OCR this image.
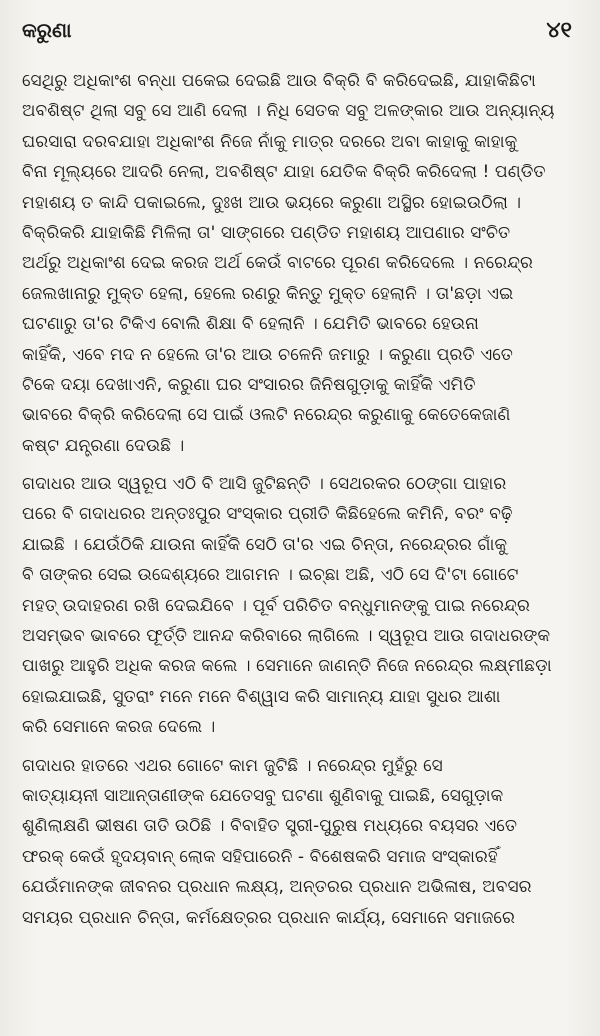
କରୁଣା	୪୧
ସେଥିରୁ ଅଧିକାଂଶ ବନ୍ଧା ପକେଇ ଦେଇଛି ଆଉ ବିକ୍ରି ବି କରିଦେଇଛି, ଯାହାକିଛିଟା
ଅବଶିଷ୍ଟ ଥିଲା ସବୁ ସେ ଆଣି ଦେଲା । ନିଧି ସେତକ ସବୁ ଅଳଙ୍କାର ଆଉ ଅନ୍ୟାନ୍ୟ
ଘରସାରା ଦରବଯାହା ଅଧିକାଂଶ ନିଜେ ନାଁକୁ ମାତ୍ର ଦରରେ ଅବା କାହାକୁ କାହାକୁ
ବିନା ମୂଲ୍ୟରେ ଆଦରି ନେଲା, ଅବଶିଷ୍ଟ ଯାହା ଯେତିକ ବିକ୍ରି କରିଦେଲା ! ପଣ୍ଡିତ
ମହାଶୟ ତ କାନ୍ଦି ପକାଇଲେ, ଦୁଃଖ ଆଉ ଭୟରେ କରୁଣା ଅସ୍ଥିର ହୋଇଉଠିଲା ।
ବିକ୍ରିକରି ଯାହାକିଛି ମିଳିଲା ତା' ସାଙ୍ଗରେ ପଣ୍ଡିତ ମହାଶୟ ଆପଣାର ସଂଚିତ
ଅର୍ଥରୁ ଅଧିକାଂଶ ଦେଇ କରଜ ଅର୍ଥ କେଉଁ ବାଟରେ ପୂରଣ କରିଦେଲେ । ନରେନ୍ଦ୍ର
ଜେଲଖାନାରୁ ମୁକ୍ତ ହେଲା, ହେଲେ ରଣରୁ କିନ୍ତୁ ମୁକ୍ତ ହେଲାନି । ତା'ଛଡ଼ା ଏଇ
ଘଟଣାରୁ ତା'ର ଟିକିଏ ବୋଲି ଶିକ୍ଷା ବି ହେଲାନି । ଯେମିତି ଭାବରେ ହେଉନା
କାହିଁକି, ଏବେ ମଦ ନ ହେଲେ ତା'ର ଆଉ ଚଳେନି ଜମାରୁ । କରୁଣା ପ୍ରତି ଏତେ
ଟିକେ ଦୟା ଦେଖାଏନି, କରୁଣା ଘର ସଂସାରର ଜିନିଷଗୁଡ଼ାକୁ କାହିଁକି ଏମିତି
ଭାବରେ ବିକ୍ରି କରିଦେଲା ସେ ପାଇଁ ଓଲଟି ନରେନ୍ଦ୍ର କରୁଣାକୁ କେତେକେଜାଣି
କଷ୍ଟ ଯନ୍ତ୍ରଣା ଦେଉଛି ।
ଗଦାଧର ଆଉ ସ୍ୱରୂପ ଏଠି ବି ଆସି ଜୁଟିଛନ୍ତି । ସେଥରକର ଠେଙ୍ଗା ପାହାର
ପରେ ବି ଗଦାଧରର ଅନ୍ତଃପୁର ସଂସ୍କାର ପ୍ରୀତି କିଛିହେଲେ କମିନି, ବରଂ ବଢ଼ି
ଯାଇଛି । ଯେଉଁଠିକି ଯାଉନା କାହିଁକି ସେଠି ତା'ର ଏଇ ଚିନ୍ତା, ନରେନ୍ଦ୍ରର ଗାଁକୁ
ବି ତାଙ୍କର ସେଇ ଉଦ୍ଦେଶ୍ୟରେ ଆଗମନ । ଇଚ୍ଛା ଅଛି, ଏଠି ସେ ଦି'ଟା ଗୋଟେ
ମହତ୍ ଉଦାହରଣ ରଖି ଦେଇଯିବେ । ପୂର୍ବ ପରିଚିତ ବନ୍ଧୁମାନଙ୍କୁ ପାଇ ନରେନ୍ଦ୍ର
ଅସମ୍ଭବ ଭାବରେ ଫୂର୍ତ୍ତି ଆନନ୍ଦ କରିବାରେ ଲାଗିଲେ । ସ୍ୱରୂପ ଆଉ ଗଦାଧରଙ୍କ
ପାଖରୁ ଆହୁରି ଅଧିକ କରଜ କଲେ । ସେମାନେ ଜାଣନ୍ତି ନିଜେ ନରେନ୍ଦ୍ର ଲକ୍ଷ୍ମୀଛଡ଼ା
ହୋଇଯାଇଛି, ସୁତରାଂ ମନେ ମନେ ବିଶ୍ୱାସ କରି ସାମାନ୍ୟ ଯାହା ସୁଧର ଆଶା
କରି ସେମାନେ କରଜ ଦେଲେ ।
ଗଦାଧର ହାତରେ ଏଥର ଗୋଟେ କାମ ଜୁଟିଛି । ନରେନ୍ଦ୍ର ମୁହଁରୁ ସେ
କାତ୍ୟାୟନୀ ସାଆନ୍ତାଣୀଙ୍କ ଯେତେସବୁ ଘଟଣା ଶୁଣିବାକୁ ପାଇଛି, ସେଗୁଡ଼ାକ
ଶୁଣିଲାକ୍ଷଣି ଭୀଷଣ ତାତି ଉଠିଛି । ବିବାହିତ ସ୍ତ୍ରୀ-ପୁରୁଷ ମଧ୍ୟରେ ବୟସର ଏତେ
ଫରକ୍ କେଉଁ ହୃଦୟବାନ୍ ଲୋକ ସହିପାରେନି - ବିଶେଷକରି ସମାଜ ସଂସ୍କାରହିଁ
ଯେଉଁମାନଙ୍କ ଜୀବନର ପ୍ରଧାନ ଲକ୍ଷ୍ୟ, ଅନ୍ତରର ପ୍ରଧାନ ଅଭିଳାଷ, ଅବସର
ସମୟର ପ୍ରଧାନ ଚିନ୍ତା, କର୍ମକ୍ଷେତ୍ରର ପ୍ରଧାନ କାର୍ଯ୍ୟ, ସେମାନେ ସମାଜରେ
